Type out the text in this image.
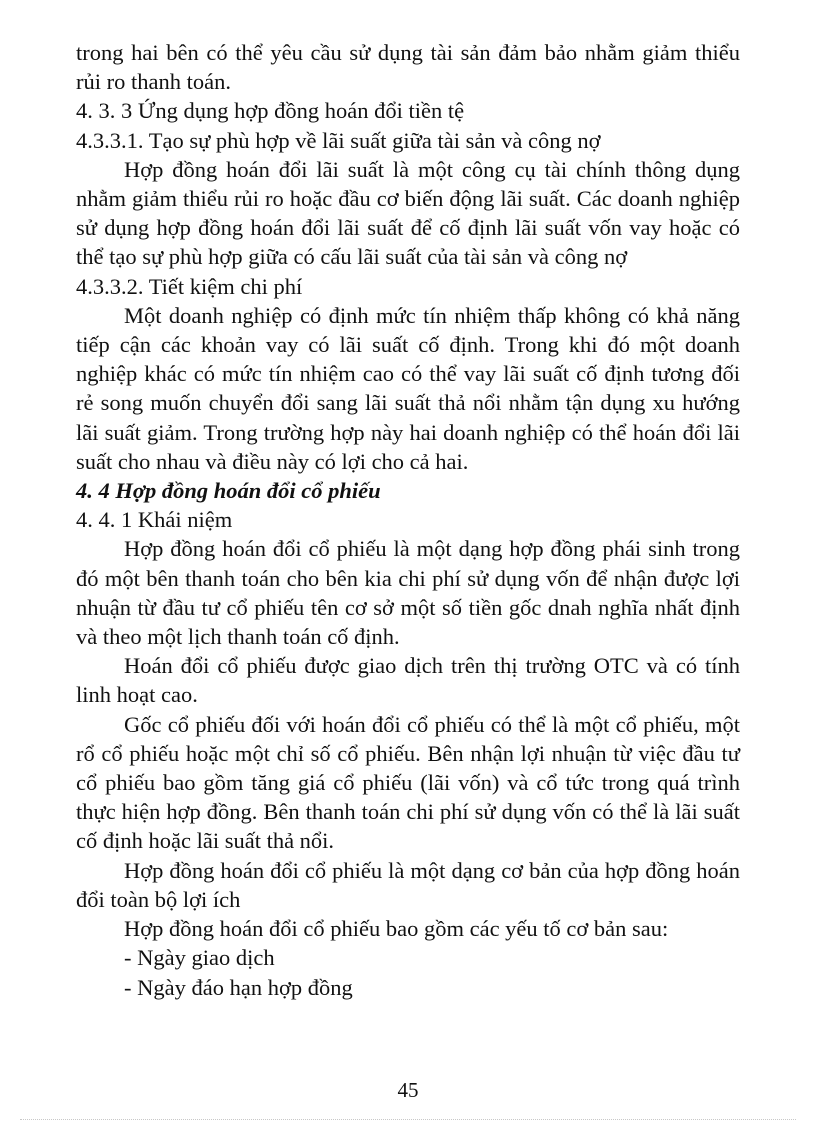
trong hai bên có thể yêu cầu sử dụng tài sản đảm bảo nhằm giảm thiểu rủi ro thanh toán.

4. 3. 3 Ứng dụng hợp đồng hoán đổi tiền tệ

4.3.3.1. Tạo sự phù hợp về lãi suất giữa tài sản và công nợ

Hợp đồng hoán đổi lãi suất là một công cụ tài chính thông dụng nhằm giảm thiểu rủi ro hoặc đầu cơ biến động lãi suất. Các doanh nghiệp sử dụng hợp đồng hoán đổi lãi suất để cố định lãi suất vốn vay hoặc có thể tạo sự phù hợp giữa có cấu lãi suất của tài sản và công nợ

4.3.3.2. Tiết kiệm chi phí

Một doanh nghiệp có định mức tín nhiệm thấp không có khả năng tiếp cận các khoản vay có lãi suất cố định. Trong khi đó một doanh nghiệp khác có mức tín nhiệm cao có thể vay lãi suất cố định tương đối rẻ song muốn chuyển đổi sang lãi suất thả nổi nhằm tận dụng xu hướng lãi suất giảm. Trong trường hợp này hai doanh nghiệp có thể hoán đổi lãi suất cho nhau và điều này có lợi cho cả hai.

4. 4 Hợp đồng hoán đổi cổ phiếu

4. 4. 1 Khái niệm

Hợp đồng hoán đổi cổ phiếu là một dạng hợp đồng phái sinh trong đó một bên thanh toán cho bên kia chi phí sử dụng vốn để nhận được lợi nhuận từ đầu tư cổ phiếu tên cơ sở một số tiền gốc dnah nghĩa nhất định và theo một lịch thanh toán cố định.

Hoán đổi cổ phiếu được giao dịch trên thị trường OTC và có tính linh hoạt cao.

Gốc cổ phiếu đối với hoán đổi cổ phiếu có thể là một cổ phiếu, một rổ cổ phiếu hoặc một chỉ số cổ phiếu. Bên nhận lợi nhuận từ việc đầu tư cổ phiếu bao gồm tăng giá cổ phiếu (lãi vốn) và cổ tức trong quá trình thực hiện hợp đồng. Bên thanh toán chi phí sử dụng vốn có thể là lãi suất cố định hoặc lãi suất thả nổi.

Hợp đồng hoán đổi cổ phiếu là một dạng cơ bản của hợp đồng hoán đổi toàn bộ lợi ích

Hợp đồng hoán đổi cổ phiếu bao gồm các yếu tố cơ bản sau:

- Ngày giao dịch

- Ngày đáo hạn hợp đồng

45
